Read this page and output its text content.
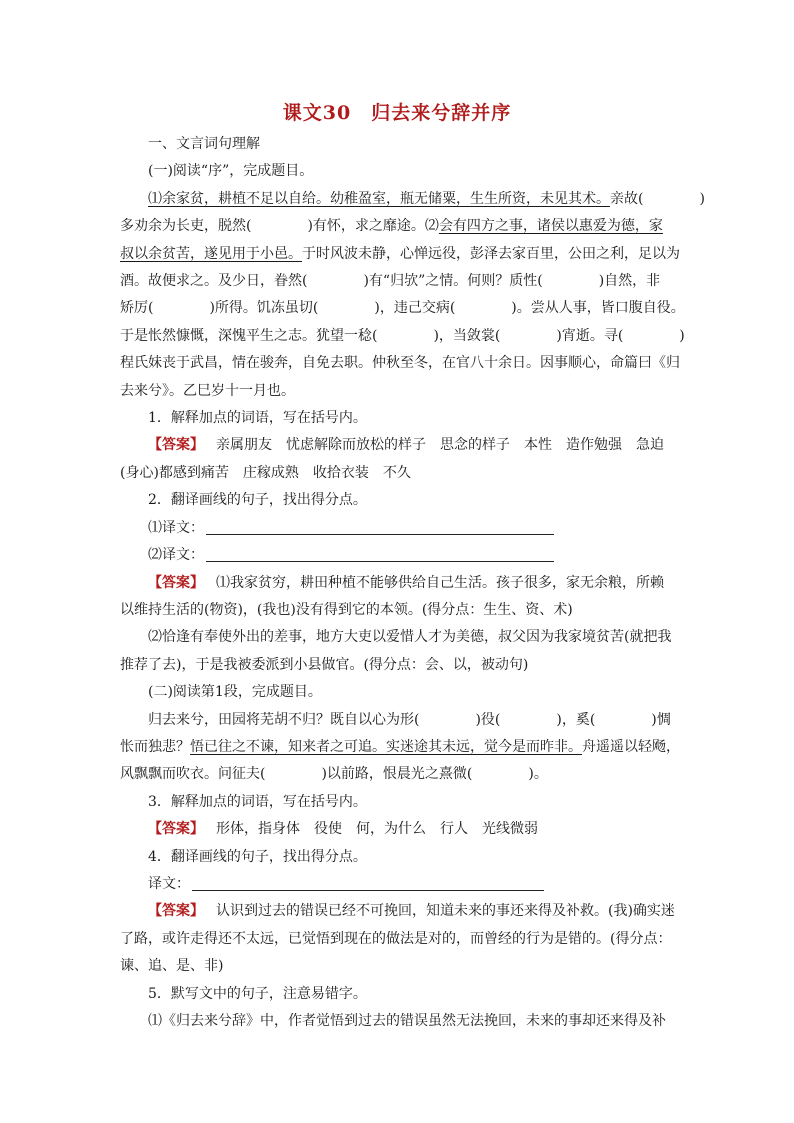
课文30　归去来兮辞并序
一、文言词句理解
(一)阅读“序”，完成题目。
⑴余家贫，耕植不足以自给。幼稚盈室，瓶无储粟，生生所资，未见其术。亲故(　　　　)
多劝余为长吏，脱然(　　　　)有怀，求之靡途。⑵会有四方之事，诸侯以惠爱为德，家
叔以余贫苦，遂见用于小邑。于时风波未静，心惮远役，彭泽去家百里，公田之利，足以为
酒。故便求之。及少日，眷然(　　　　)有“归欤”之情。何则？质性(　　　　)自然，非
矫厉(　　　　)所得。饥冻虽切(　　　　)，违己交病(　　　　)。尝从人事，皆口腹自役。
于是怅然慷慨，深愧平生之志。犹望一稔(　　　　)，当敛裳(　　　　)宵逝。寻(　　　　)
程氏妹丧于武昌，情在骏奔，自免去职。仲秋至冬，在官八十余日。因事顺心，命篇曰《归
去来兮》。乙巳岁十一月也。
1．解释加点的词语，写在括号内。
【答案】 亲属朋友　忧虑解除而放松的样子　思念的样子　本性　造作勉强　急迫
(身心)都感到痛苦　庄稼成熟　收拾衣装　不久
2．翻译画线的句子，找出得分点。
⑴译文：
⑵译文：
【答案】 ⑴我家贫穷，耕田种植不能够供给自己生活。孩子很多，家无余粮，所赖
以维持生活的(物资)，(我也)没有得到它的本领。(得分点：生生、资、术)
⑵恰逢有奉使外出的差事，地方大吏以爱惜人才为美德，叔父因为我家境贫苦(就把我
推荐了去)，于是我被委派到小县做官。(得分点：会、以，被动句)
(二)阅读第1段，完成题目。
归去来兮，田园将芜胡不归？既自以心为形(　　　　)役(　　　　)，奚(　　　　)惆
怅而独悲？悟已往之不谏，知来者之可追。实迷途其未远，觉今是而昨非。舟遥遥以轻飏，
风飘飘而吹衣。问征夫(　　　　)以前路，恨晨光之熹微(　　　　)。
3．解释加点的词语，写在括号内。
【答案】 形体，指身体　役使　何，为什么　行人　光线微弱
4．翻译画线的句子，找出得分点。
译文：
【答案】 认识到过去的错误已经不可挽回，知道未来的事还来得及补救。(我)确实迷
了路，或许走得还不太远，已觉悟到现在的做法是对的，而曾经的行为是错的。(得分点：
谏、追、是、非)
5．默写文中的句子，注意易错字。
⑴《归去来兮辞》中，作者觉悟到过去的错误虽然无法挽回，未来的事却还来得及补
